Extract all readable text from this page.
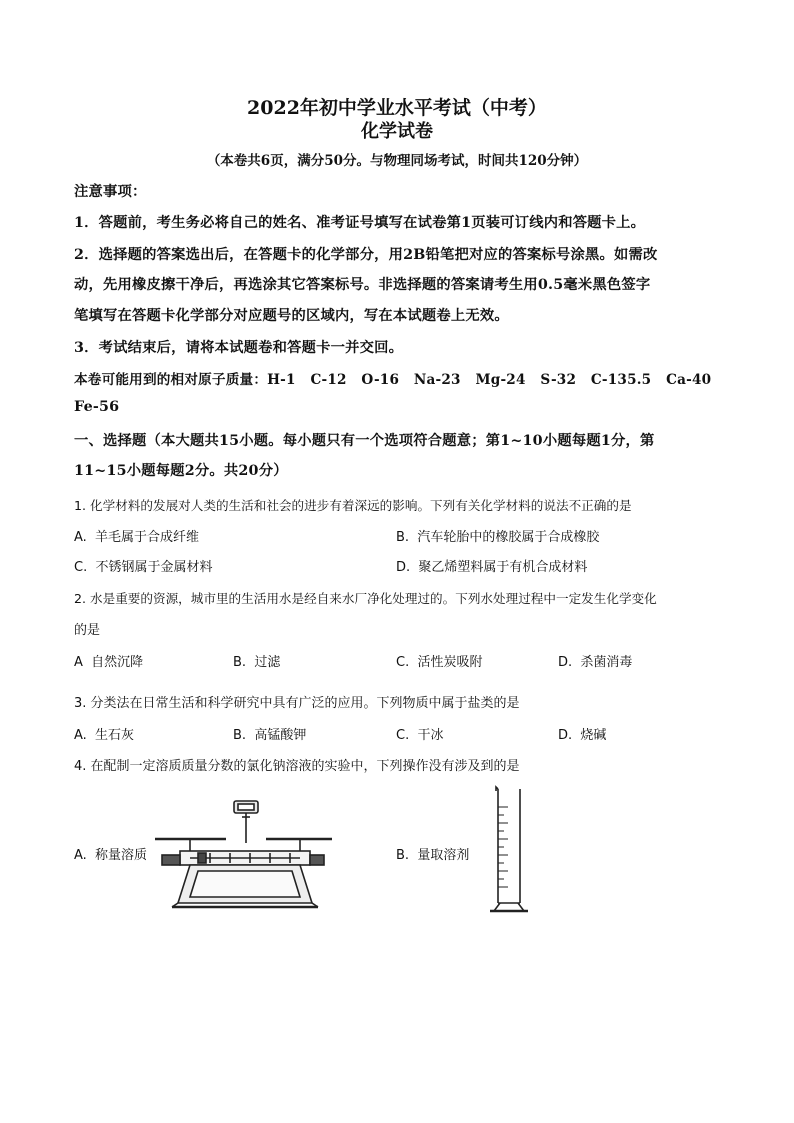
2022年初中学业水平考试（中考）
化学试卷
（本卷共6页，满分50分。与物理同场考试，时间共120分钟）
注意事项：
1．答题前，考生务必将自己的姓名、准考证号填写在试卷第1页装可订线内和答题卡上。
2．选择题的答案选出后，在答题卡的化学部分，用2B铅笔把对应的答案标号涂黑。如需改
动，先用橡皮擦干净后，再选涂其它答案标号。非选择题的答案请考生用0.5毫米黑色签字
笔填写在答题卡化学部分对应题号的区域内，写在本试题卷上无效。
3．考试结束后，请将本试题卷和答题卡一并交回。
本卷可能用到的相对原子质量：H-1   C-12   O-16   Na-23   Mg-24   S-32   C-135.5   Ca-40
Fe-56
一、选择题（本大题共15小题。每小题只有一个选项符合题意；第1~10小题每题1分，第
11~15小题每题2分。共20分）
1. 化学材料的发展对人类的生活和社会的进步有着深远的影响。下列有关化学材料的说法不正确的是
A.  羊毛属于合成纤维	B.  汽车轮胎中的橡胶属于合成橡胶
C.  不锈钢属于金属材料	D.  聚乙烯塑料属于有机合成材料
2. 水是重要的资源，城市里的生活用水是经自来水厂净化处理过的。下列水处理过程中一定发生化学变化
的是
A  自然沉降	B.  过滤	C.  活性炭吸附	D.  杀菌消毒
3. 分类法在日常生活和科学研究中具有广泛的应用。下列物质中属于盐类的是
A.  生石灰	B.  高锰酸钾	C.  干冰	D.  烧碱
4. 在配制一定溶质质量分数的氯化钠溶液的实验中，下列操作没有涉及到的是
A.  称量溶质	B.  量取溶剂
